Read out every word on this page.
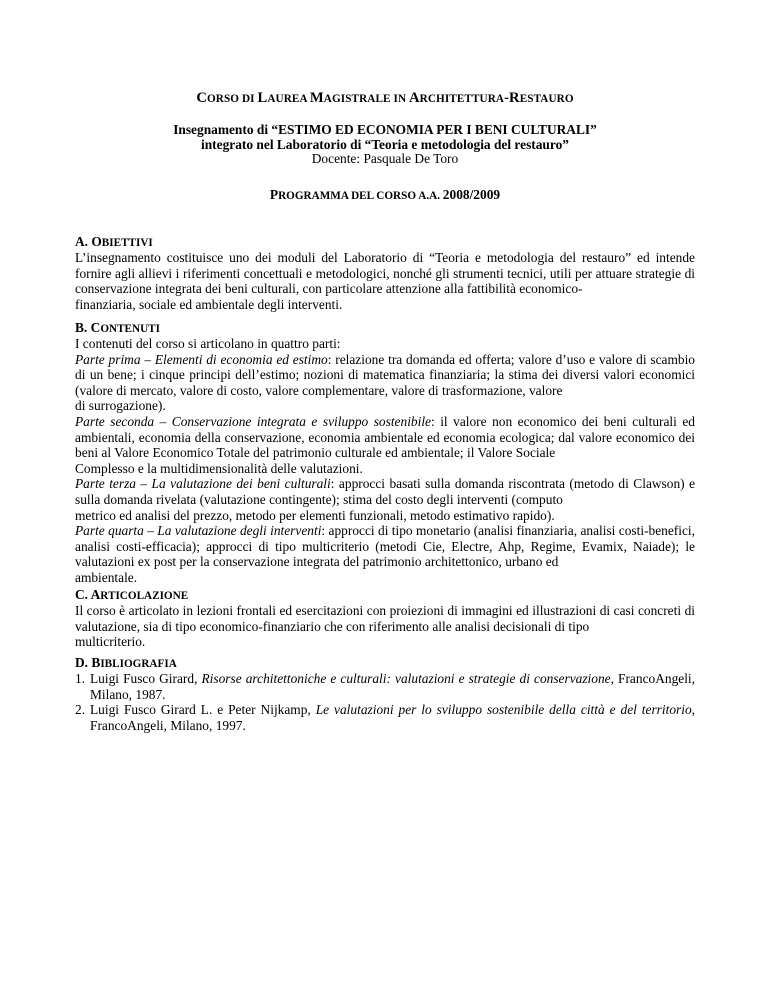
CORSO DI LAUREA MAGISTRALE IN ARCHITETTURA-RESTAURO
Insegnamento di “ESTIMO ED ECONOMIA PER I BENI CULTURALI”
integrato nel Laboratorio di “Teoria e metodologia del restauro”
Docente: Pasquale De Toro
PROGRAMMA DEL CORSO A.A. 2008/2009
A. OBIETTIVI

L’insegnamento costituisce uno dei moduli del Laboratorio di “Teoria e metodologia del restauro” ed intende fornire agli allievi i riferimenti concettuali e metodologici, nonché gli strumenti tecnici, utili per attuare strategie di conservazione integrata dei beni culturali, con particolare attenzione alla fattibilità economico-

finanziaria, sociale ed ambientale degli interventi.

B. CONTENUTI

I contenuti del corso si articolano in quattro parti:

Parte prima – Elementi di economia ed estimo: relazione tra domanda ed offerta; valore d’uso e valore di scambio di un bene; i cinque principi dell’estimo; nozioni di matematica finanziaria; la stima dei diversi valori economici (valore di mercato, valore di costo, valore complementare, valore di trasformazione, valore

di surrogazione).

Parte seconda – Conservazione integrata e sviluppo sostenibile: il valore non economico dei beni culturali ed ambientali, economia della conservazione, economia ambientale ed economia ecologica; dal valore economico dei beni al Valore Economico Totale del patrimonio culturale ed ambientale; il Valore Sociale

Complesso e la multidimensionalità delle valutazioni.

Parte terza – La valutazione dei beni culturali: approcci basati sulla domanda riscontrata (metodo di Clawson) e sulla domanda rivelata (valutazione contingente); stima del costo degli interventi (computo

metrico ed analisi del prezzo, metodo per elementi funzionali, metodo estimativo rapido).

Parte quarta – La valutazione degli interventi: approcci di tipo monetario (analisi finanziaria, analisi costi-benefici, analisi costi-efficacia); approcci di tipo multicriterio (metodi Cie, Electre, Ahp, Regime, Evamix, Naiade); le valutazioni ex post per la conservazione integrata del patrimonio architettonico, urbano ed

ambientale.

C. ARTICOLAZIONE

Il corso è articolato in lezioni frontali ed esercitazioni con proiezioni di immagini ed illustrazioni di casi concreti di valutazione, sia di tipo economico-finanziario che con riferimento alle analisi decisionali di tipo

multicriterio.

D. BIBLIOGRAFIA
1. Luigi Fusco Girard, Risorse architettoniche e culturali: valutazioni e strategie di conservazione, FrancoAngeli, Milano, 1987.
2. Luigi Fusco Girard L. e Peter Nijkamp, Le valutazioni per lo sviluppo sostenibile della città e del territorio, FrancoAngeli, Milano, 1997.
